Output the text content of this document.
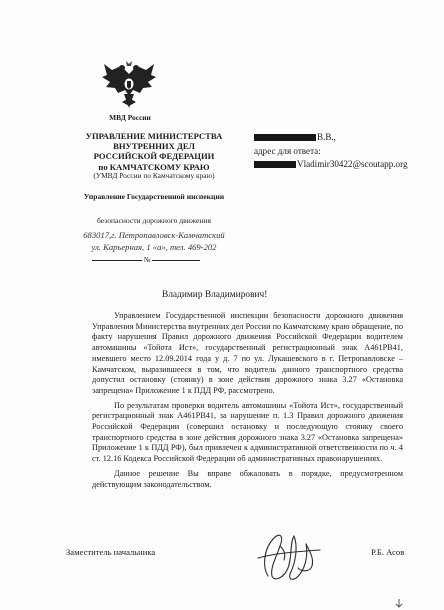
МВД России
УПРАВЛЕНИЕ МИНИСТЕРСТВА
ВНУТРЕННИХ ДЕЛ
РОССИЙСКОЙ ФЕДЕРАЦИИ
по КАМЧАТСКОМУ КРАЮ
(УМВД России по Камчатскому краю)
Управление Государственной инспекции
безопасности дорожного движения
683017,г. Петропавловск-Камчатский
ул. Карьерная, 1 «а», тел. 469-202
№
В.В.,
адрес для ответа:
Vladimir30422@scoutapp.org
Владимир Владимирович!

Управлением Государственной инспекции безопасности дорожного движения Управления Министерства внутренних дел России по Камчатскому краю обращение, по факту нарушения Правил дорожного движения Российской Федерации водителем автомашины «Тойота Ист», государственный регистрационный знак А461РВ41, имевшего место 12.09.2014 года у д. 7 по ул. Лукашевского в г. Петропавловске – Камчатском, выразившееся в том, что водитель данного транспортного средства допустил остановку (стоянку) в зоне действия дорожного знака 3.27 «Остановка запрещена» Приложение 1 к ПДД РФ, рассмотрено.

По результатам проверки водитель автомашины «Тойота Ист», государственный регистрационный знак А461РВ41, за нарушение п. 1.3 Правил дорожного движения Российской Федерации (совершил остановку и последующую стоянку своего транспортного средства в зоне действия дорожного знака 3.27 «Остановка запрещена» Приложение 1 к ПДД РФ), был привлечен к административной ответственности по ч. 4 ст. 12.16 Кодекса Российской Федерации об административных правонарушениях.

Данное решение Вы вправе обжаловать в порядке, предусмотренном действующим законодательством.

Заместитель начальника	Р.Б. Асов
